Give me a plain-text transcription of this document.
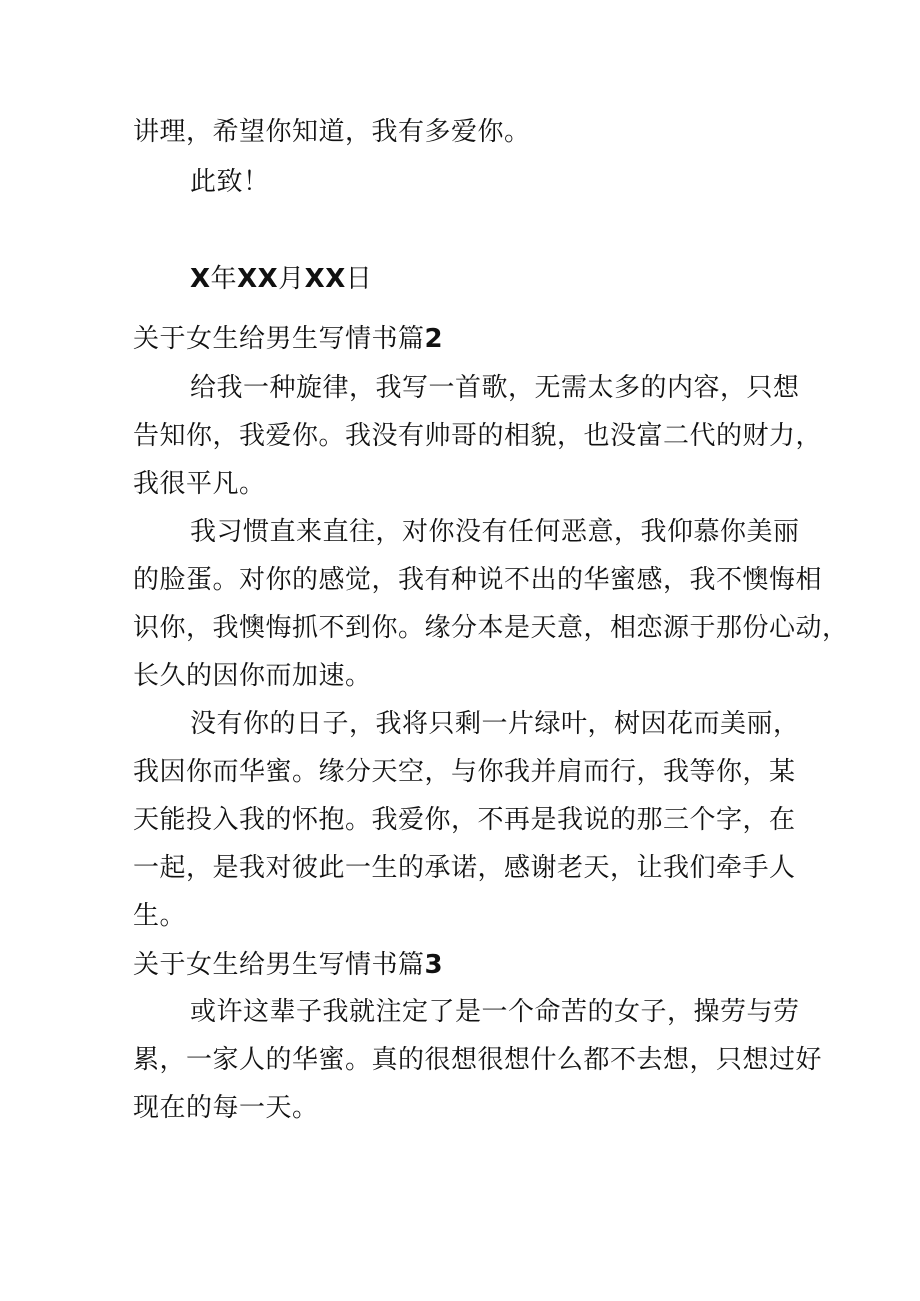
讲理，希望你知道，我有多爱你。
此致！
X年XX月XX日
关于女生给男生写情书篇2
给我一种旋律，我写一首歌，无需太多的内容，只想
告知你，我爱你。我没有帅哥的相貌，也没富二代的财力，
我很平凡。
我习惯直来直往，对你没有任何恶意，我仰慕你美丽
的脸蛋。对你的感觉，我有种说不出的华蜜感，我不懊悔相
识你，我懊悔抓不到你。缘分本是天意，相恋源于那份心动，
长久的因你而加速。
没有你的日子，我将只剩一片绿叶，树因花而美丽，
我因你而华蜜。缘分天空，与你我并肩而行，我等你，某
天能投入我的怀抱。我爱你，不再是我说的那三个字，在
一起，是我对彼此一生的承诺，感谢老天，让我们牵手人
生。
关于女生给男生写情书篇3
或许这辈子我就注定了是一个命苦的女子，操劳与劳
累，一家人的华蜜。真的很想很想什么都不去想，只想过好
现在的每一天。
